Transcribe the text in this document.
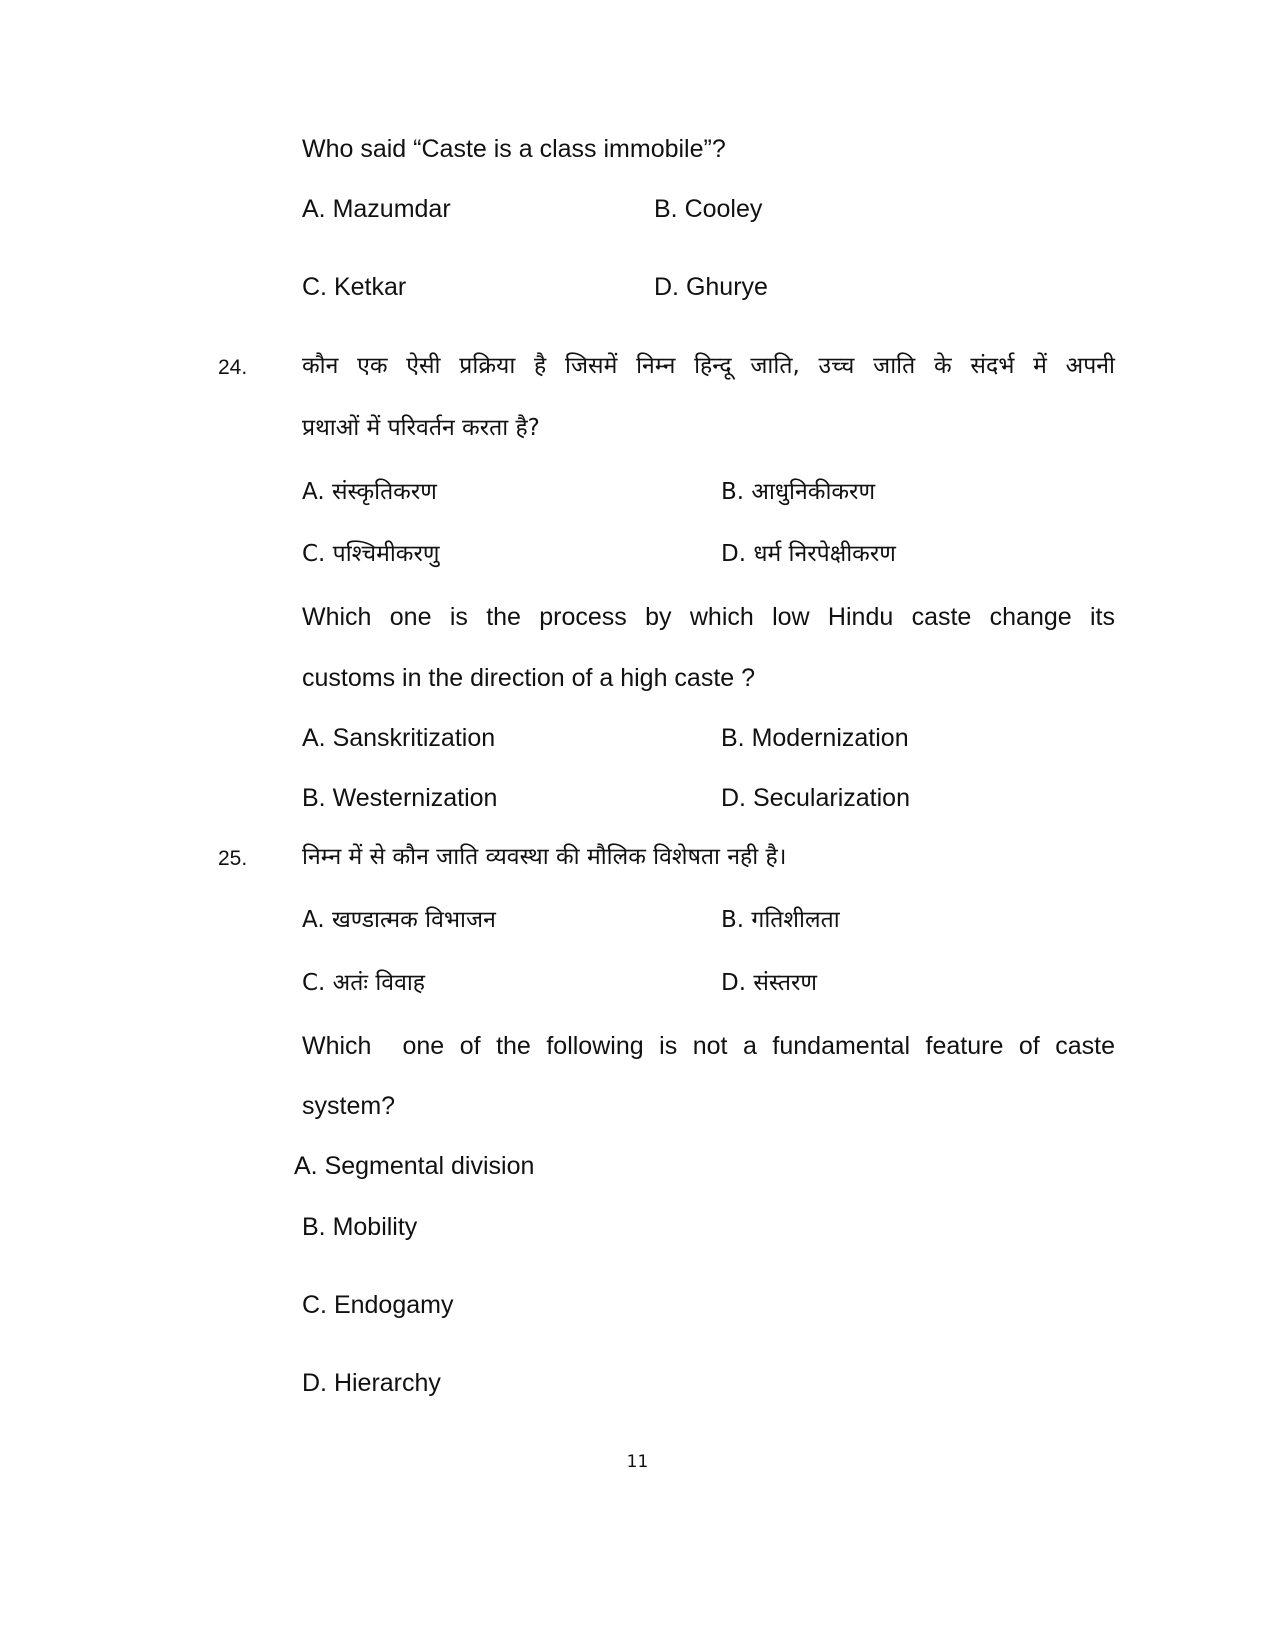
Who said “Caste is a class immobile”?
A. Mazumdar	B. Cooley
C. Ketkar	D. Ghurye
24. कौन एक ऐसी प्रक्रिया है जिसमें निम्न हिन्दू जाति, उच्च जाति के संदर्भ में अपनी
प्रथाओं में परिवर्तन करता है?
A. संस्कृतिकरण	B. आधुनिकीकरण
C. पश्चिमीकरणु	D. धर्म निरपेक्षीकरण
Which one is the process by which low Hindu caste change its
customs in the direction of a high caste ?
A. Sanskritization	B. Modernization
B. Westernization	D. Secularization
25. निम्न में से कौन जाति व्यवस्था की मौलिक विशेषता नही है।
A. खण्डात्मक विभाजन	B. गतिशीलता
C. अतंः विवाह	D. संस्तरण
Which  one of the following is not a fundamental feature of caste
system?
A. Segmental division
B. Mobility
C. Endogamy
D. Hierarchy
11
